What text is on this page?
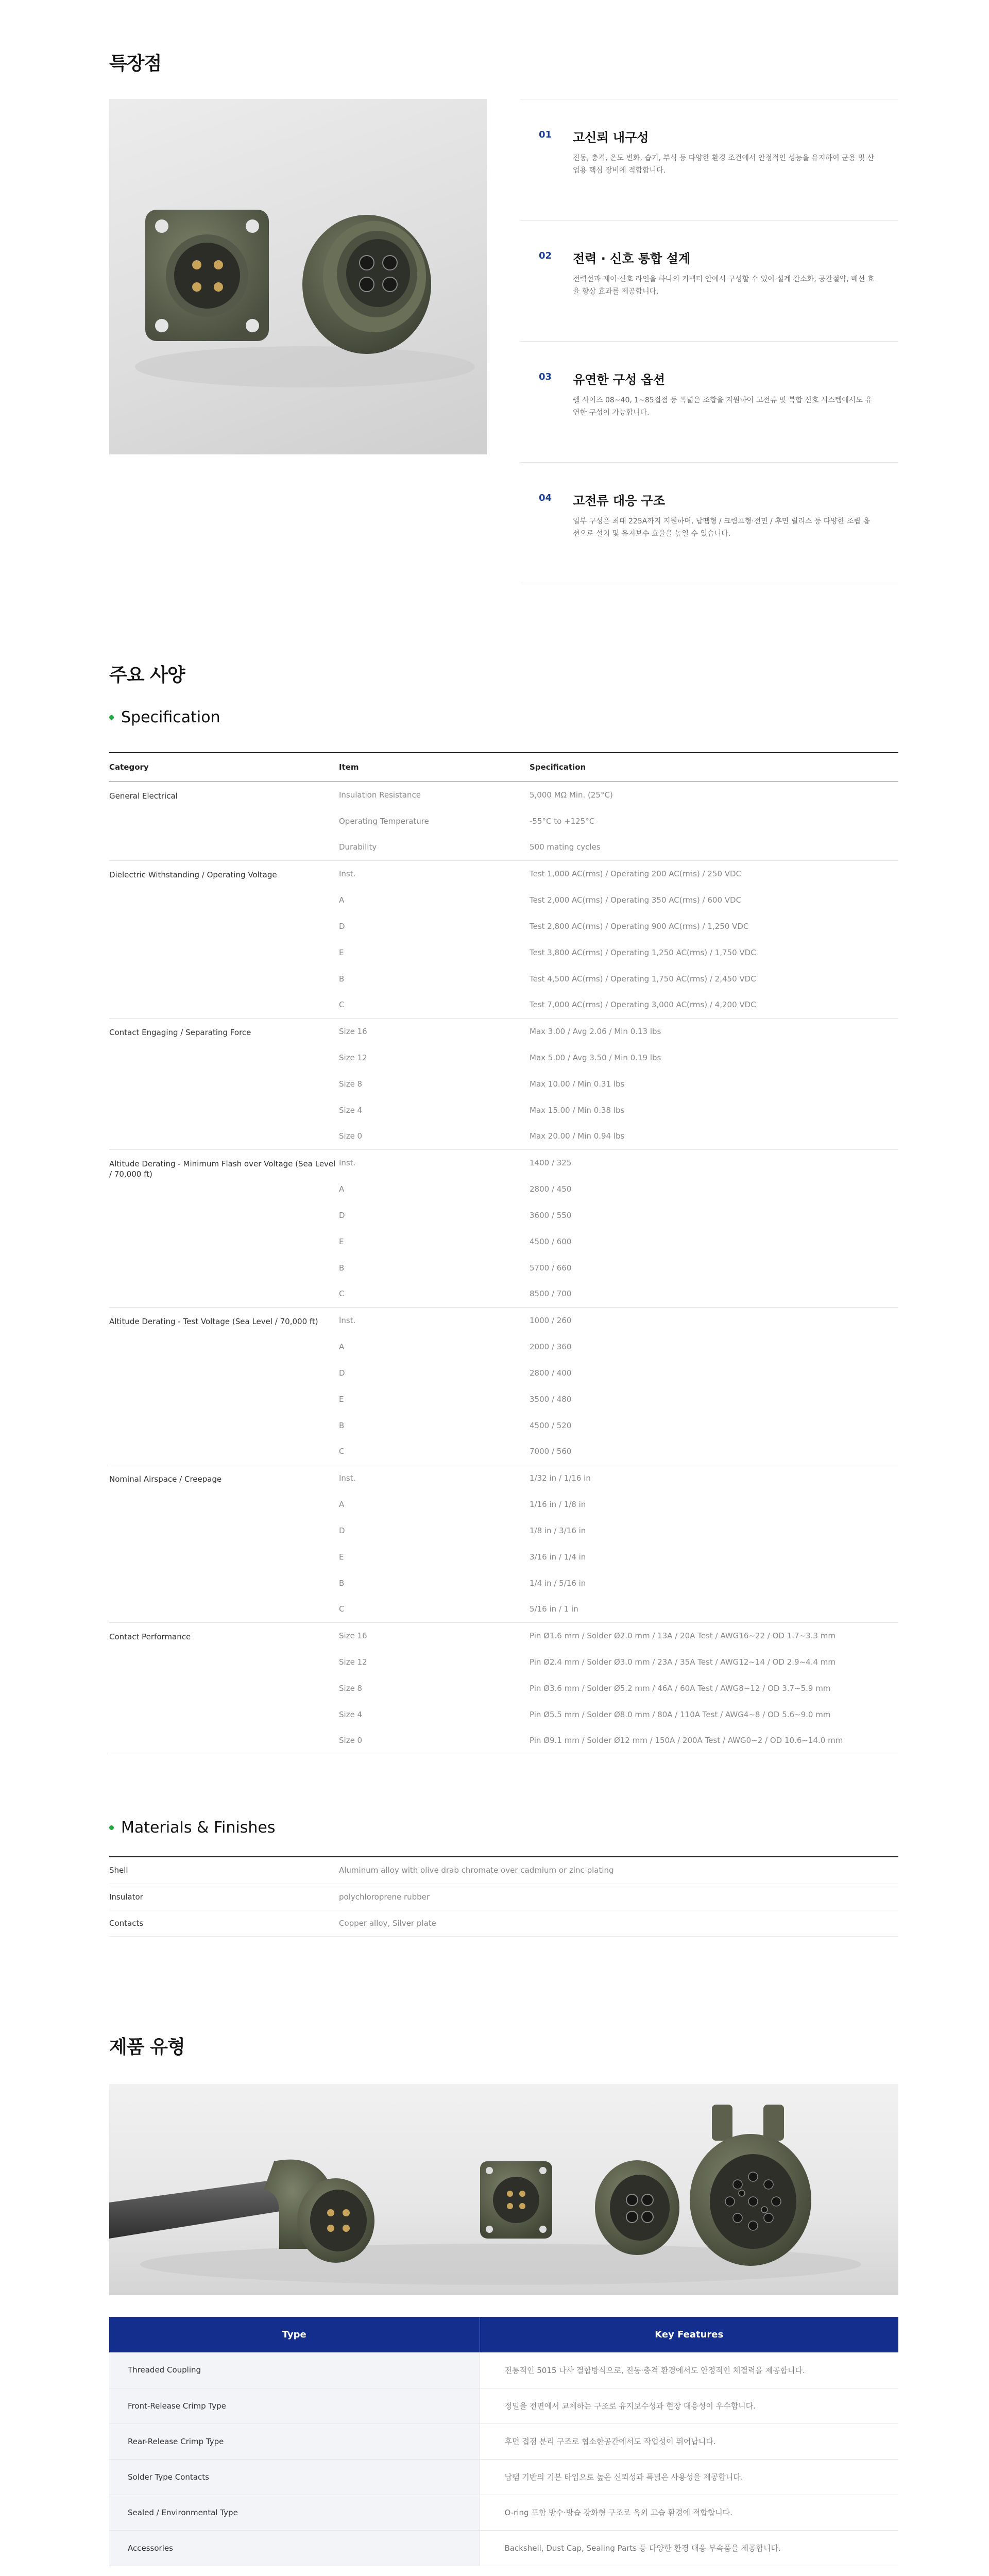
특장점
01 고신뢰 내구성

진동, 충격, 온도 변화, 습기, 부식 등 다양한 환경 조건에서 안정적인 성능을 유지하여 군용 및 산업용 핵심 장비에 적합합니다.

02 전력 · 신호 통합 설계

전력선과 제어·신호 라인을 하나의 커넥터 안에서 구성할 수 있어 설계 간소화, 공간절약, 배선 효율 향상 효과를 제공합니다.

03 유연한 구성 옵션

쉘 사이즈 08~40, 1~85접점 등 폭넓은 조합을 지원하여 고전류 및 복합 신호 시스템에서도 유연한 구성이 가능합니다.

04 고전류 대응 구조

일부 구성은 최대 225A까지 지원하며, 납땜형 / 크림프형·전면 / 후면 릴리스 등 다양한 조립 옵션으로 설치 및 유지보수 효율을 높일 수 있습니다.

주요 사양
Specification
Category	Item	Specification
General Electrical	Insulation Resistance	5,000 MΩ Min. (25°C)
	Operating Temperature	-55°C to +125°C
	Durability	500 mating cycles
Dielectric Withstanding / Operating Voltage	Inst.	Test 1,000 AC(rms) / Operating 200 AC(rms) / 250 VDC
	A	Test 2,000 AC(rms) / Operating 350 AC(rms) / 600 VDC
	D	Test 2,800 AC(rms) / Operating 900 AC(rms) / 1,250 VDC
	E	Test 3,800 AC(rms) / Operating 1,250 AC(rms) / 1,750 VDC
	B	Test 4,500 AC(rms) / Operating 1,750 AC(rms) / 2,450 VDC
	C	Test 7,000 AC(rms) / Operating 3,000 AC(rms) / 4,200 VDC
Contact Engaging / Separating Force	Size 16	Max 3.00 / Avg 2.06 / Min 0.13 lbs
	Size 12	Max 5.00 / Avg 3.50 / Min 0.19 lbs
	Size 8	Max 10.00 / Min 0.31 lbs
	Size 4	Max 15.00 / Min 0.38 lbs
	Size 0	Max 20.00 / Min 0.94 lbs
Altitude Derating - Minimum Flash over Voltage (Sea Level / 70,000 ft)	Inst.	1400 / 325
	A	2800 / 450
	D	3600 / 550
	E	4500 / 600
	B	5700 / 660
	C	8500 / 700
Altitude Derating - Test Voltage (Sea Level / 70,000 ft)	Inst.	1000 / 260
	A	2000 / 360
	D	2800 / 400
	E	3500 / 480
	B	4500 / 520
	C	7000 / 560
Nominal Airspace / Creepage	Inst.	1/32 in / 1/16 in
	A	1/16 in / 1/8 in
	D	1/8 in / 3/16 in
	E	3/16 in / 1/4 in
	B	1/4 in / 5/16 in
	C	5/16 in / 1 in
Contact Performance	Size 16	Pin Ø1.6 mm / Solder Ø2.0 mm / 13A / 20A Test / AWG16~22 / OD 1.7~3.3 mm
	Size 12	Pin Ø2.4 mm / Solder Ø3.0 mm / 23A / 35A Test / AWG12~14 / OD 2.9~4.4 mm
	Size 8	Pin Ø3.6 mm / Solder Ø5.2 mm / 46A / 60A Test / AWG8~12 / OD 3.7~5.9 mm
	Size 4	Pin Ø5.5 mm / Solder Ø8.0 mm / 80A / 110A Test / AWG4~8 / OD 5.6~9.0 mm
	Size 0	Pin Ø9.1 mm / Solder Ø12 mm / 150A / 200A Test / AWG0~2 / OD 10.6~14.0 mm
Materials & Finishes
Shell	Aluminum alloy with olive drab chromate over cadmium or zinc plating
Insulator	polychloroprene rubber
Contacts	Copper alloy, Silver plate
제품 유형
Type	Key Features
Threaded Coupling	전통적인 5015 나사 결합방식으로, 진동·충격 환경에서도 안정적인 체결력을 제공합니다.
Front-Release Crimp Type	정밀을 전면에서 교체하는 구조로 유지보수성과 현장 대응성이 우수합니다.
Rear-Release Crimp Type	후면 접점 분리 구조로 협소한공간에서도 작업성이 뛰어납니다.
Solder Type Contacts	납땜 기반의 기본 타입으로 높은 신뢰성과 폭넓은 사용성을 제공합니다.
Sealed / Environmental Type	O-ring 포함 방수·방습 강화형 구조로 옥외 고습 환경에 적합합니다.
Accessories	Backshell, Dust Cap, Sealing Parts 등 다양한 환경 대응 부속품을 제공합니다.
